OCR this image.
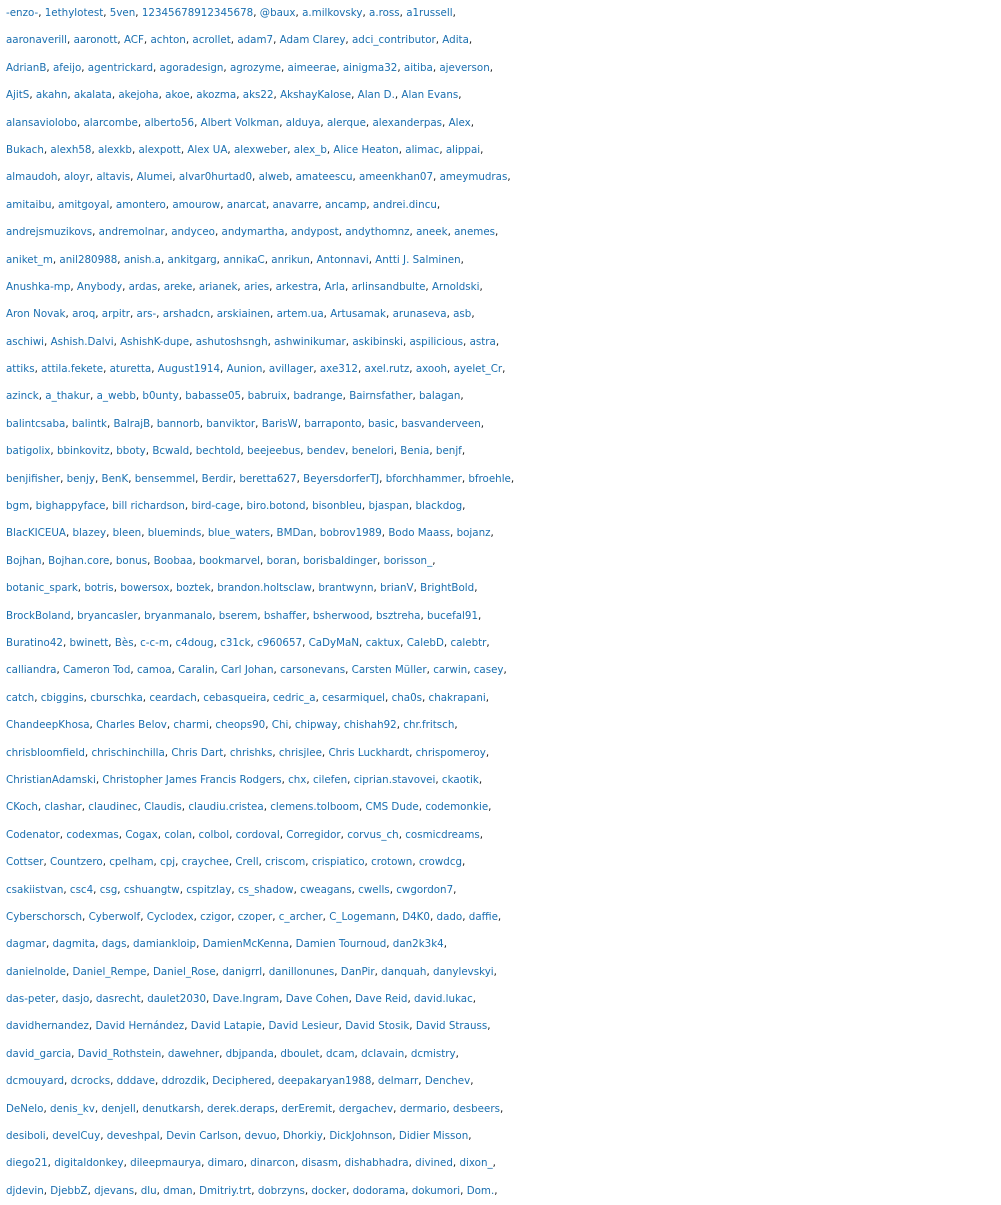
-enzo-, 1ethylotest, 5ven, 12345678912345678, @baux, a.milkovsky, a.ross, a1russell,
aaronaverill, aaronott, ACF, achton, acrollet, adam7, Adam Clarey, adci_contributor, Adita,
AdrianB, afeijo, agentrickard, agoradesign, agrozyme, aimeerae, ainigma32, aitiba, ajeverson,
AjitS, akahn, akalata, akejoha, akoe, akozma, aks22, AkshayKalose, Alan D., Alan Evans,
alansaviolobo, alarcombe, alberto56, Albert Volkman, alduya, alerque, alexanderpas, Alex,
Bukach, alexh58, alexkb, alexpott, Alex UA, alexweber, alex_b, Alice Heaton, alimac, alippai,
almaudoh, aloyr, altavis, Alumei, alvar0hurtad0, alweb, amateescu, ameenkhan07, ameymudras,
amitaibu, amitgoyal, amontero, amourow, anarcat, anavarre, ancamp, andrei.dincu,
andrejsmuzikovs, andremolnar, andyceo, andymartha, andypost, andythomnz, aneek, anemes,
aniket_m, anil280988, anish.a, ankitgarg, annikaC, anrikun, Antonnavi, Antti J. Salminen,
Anushka-mp, Anybody, ardas, areke, arianek, aries, arkestra, Arla, arlinsandbulte, Arnoldski,
Aron Novak, aroq, arpitr, ars-, arshadcn, arskiainen, artem.ua, Artusamak, arunaseva, asb,
aschiwi, Ashish.Dalvi, AshishK-dupe, ashutoshsngh, ashwinikumar, askibinski, aspilicious, astra,
attiks, attila.fekete, aturetta, August1914, Aunion, avillager, axe312, axel.rutz, axooh, ayelet_Cr,
azinck, a_thakur, a_webb, b0unty, babasse05, babruix, badrange, Bairnsfather, balagan,
balintcsaba, balintk, BalrajB, bannorb, banviktor, BarisW, barraponto, basic, basvanderveen,
batigolix, bbinkovitz, bboty, Bcwald, bechtold, beejeebus, bendev, benelori, Benia, benjf,
benjifisher, benjy, BenK, bensemmel, Berdir, beretta627, BeyersdorferTJ, bforchhammer, bfroehle,
bgm, bighappyface, bill richardson, bird-cage, biro.botond, bisonbleu, bjaspan, blackdog,
BlacKICEUA, blazey, bleen, blueminds, blue_waters, BMDan, bobrov1989, Bodo Maass, bojanz,
Bojhan, Bojhan.core, bonus, Boobaa, bookmarvel, boran, borisbaldinger, borisson_,
botanic_spark, botris, bowersox, boztek, brandon.holtsclaw, brantwynn, brianV, BrightBold,
BrockBoland, bryancasler, bryanmanalo, bserem, bshaffer, bsherwood, bsztreha, bucefal91,
Buratino42, bwinett, Bès, c-c-m, c4doug, c31ck, c960657, CaDyMaN, caktux, CalebD, calebtr,
calliandra, Cameron Tod, camoa, Caralin, Carl Johan, carsonevans, Carsten Müller, carwin, casey,
catch, cbiggins, cburschka, ceardach, cebasqueira, cedric_a, cesarmiquel, cha0s, chakrapani,
ChandeepKhosa, Charles Belov, charmi, cheops90, Chi, chipway, chishah92, chr.fritsch,
chrisbloomfield, chrischinchilla, Chris Dart, chrishks, chrisjlee, Chris Luckhardt, chrispomeroy,
ChristianAdamski, Christopher James Francis Rodgers, chx, cilefen, ciprian.stavovei, ckaotik,
CKoch, clashar, claudinec, Claudis, claudiu.cristea, clemens.tolboom, CMS Dude, codemonkie,
Codenator, codexmas, Cogax, colan, colbol, cordoval, Corregidor, corvus_ch, cosmicdreams,
Cottser, Countzero, cpelham, cpj, craychee, Crell, criscom, crispiatico, crotown, crowdcg,
csakiistvan, csc4, csg, cshuangtw, cspitzlay, cs_shadow, cweagans, cwells, cwgordon7,
Cyberschorsch, Cyberwolf, Cyclodex, czigor, czoper, c_archer, C_Logemann, D4K0, dado, daffie,
dagmar, dagmita, dags, damiankloip, DamienMcKenna, Damien Tournoud, dan2k3k4,
danielnolde, Daniel_Rempe, Daniel_Rose, danigrrl, danillonunes, DanPir, danquah, danylevskyi,
das-peter, dasjo, dasrecht, daulet2030, Dave.Ingram, Dave Cohen, Dave Reid, david.lukac,
davidhernandez, David Hernández, David Latapie, David Lesieur, David Stosik, David Strauss,
david_garcia, David_Rothstein, dawehner, dbjpanda, dboulet, dcam, dclavain, dcmistry,
dcmouyard, dcrocks, dddave, ddrozdik, Deciphered, deepakaryan1988, delmarr, Denchev,
DeNelo, denis_kv, denjell, denutkarsh, derek.deraps, derEremit, dergachev, dermario, desbeers,
desiboli, develCuy, deveshpal, Devin Carlson, devuo, Dhorkiy, DickJohnson, Didier Misson,
diego21, digitaldonkey, dileepmaurya, dimaro, dinarcon, disasm, dishabhadra, divined, dixon_,
djdevin, DjebbZ, djevans, dlu, dman, Dmitriy.trt, dobrzyns, docker, dodorama, dokumori, Dom.,
